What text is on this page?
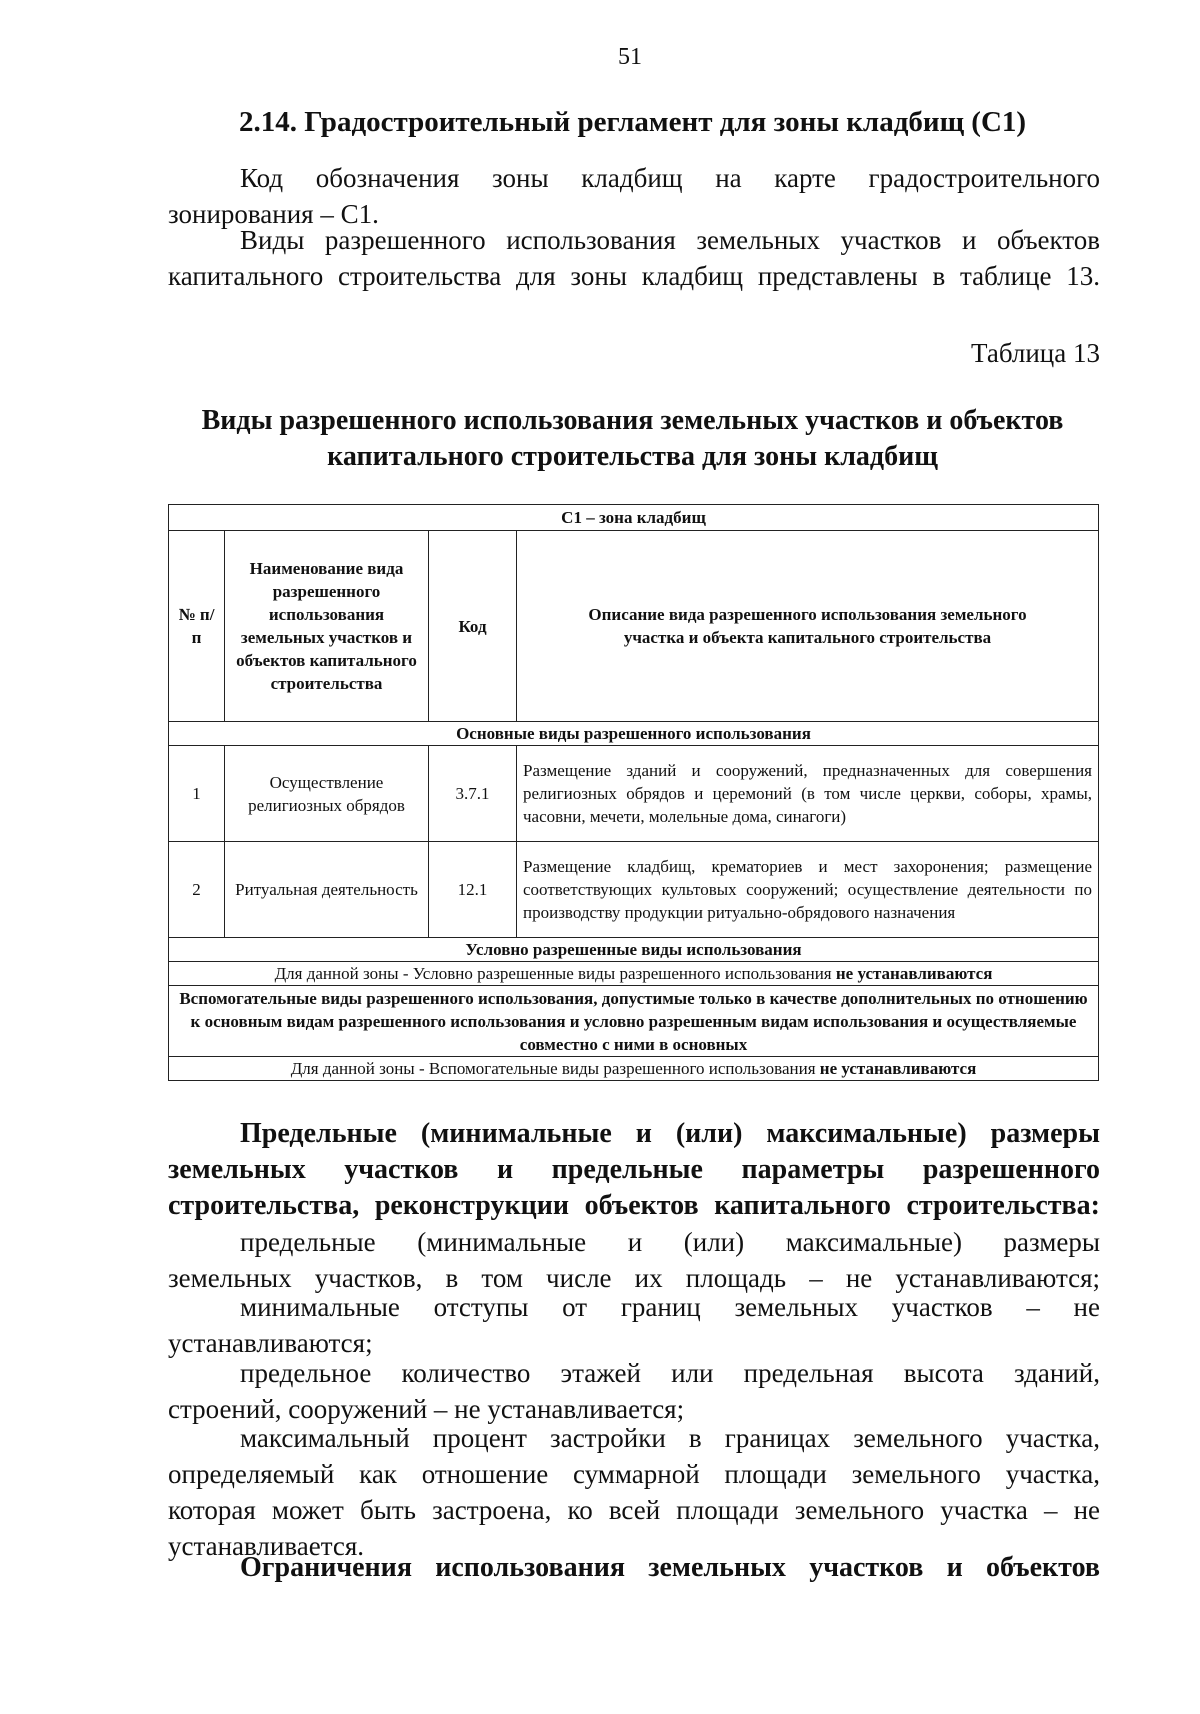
51
2.14. Градостроительный регламент для зоны кладбищ (С1)
Код обозначения зоны кладбищ на карте градостроительного
зонирования – С1.
Виды разрешенного использования земельных участков и объектов
капитального строительства для зоны кладбищ представлены в таблице 13.
Таблица 13
Виды разрешенного использования земельных участков и объектов
капитального строительства для зоны кладбищ
С1 – зона кладбищ			
№ п/п	Наименование вида разрешенного использования земельных участков и объектов капитального строительства	Код	Описание вида разрешенного использования земельного участка и объекта капитального строительства
Основные виды разрешенного использования			
1	Осуществление религиозных обрядов	3.7.1	Размещение зданий и сооружений, предназначенных для совершения религиозных обрядов и церемоний (в том числе церкви, соборы, храмы, часовни, мечети, молельные дома, синагоги)
2	Ритуальная деятельность	12.1	Размещение кладбищ, крематориев и мест захоронения; размещение соответствующих культовых сооружений; осуществление деятельности по производству продукции ритуально-обрядового назначения
Условно разрешенные виды использования			
Для данной зоны - Условно разрешенные виды разрешенного использования не устанавливаются			
Вспомогательные виды разрешенного использования, допустимые только в качестве дополнительных по отношению к основным видам разрешенного использования и условно разрешенным видам использования и осуществляемые совместно с ними в основных			
Для данной зоны - Вспомогательные виды разрешенного использования не устанавливаются			
Предельные (минимальные и (или) максимальные) размеры
земельных участков и предельные параметры разрешенного
строительства, реконструкции объектов капитального строительства:
предельные (минимальные и (или) максимальные) размеры
земельных участков, в том числе их площадь – не устанавливаются;
минимальные отступы от границ земельных участков – не
устанавливаются;
предельное количество этажей или предельная высота зданий,
строений, сооружений – не устанавливается;
максимальный процент застройки в границах земельного участка,
определяемый как отношение суммарной площади земельного участка,
которая может быть застроена, ко всей площади земельного участка – не
устанавливается.
Ограничения использования земельных участков и объектов
